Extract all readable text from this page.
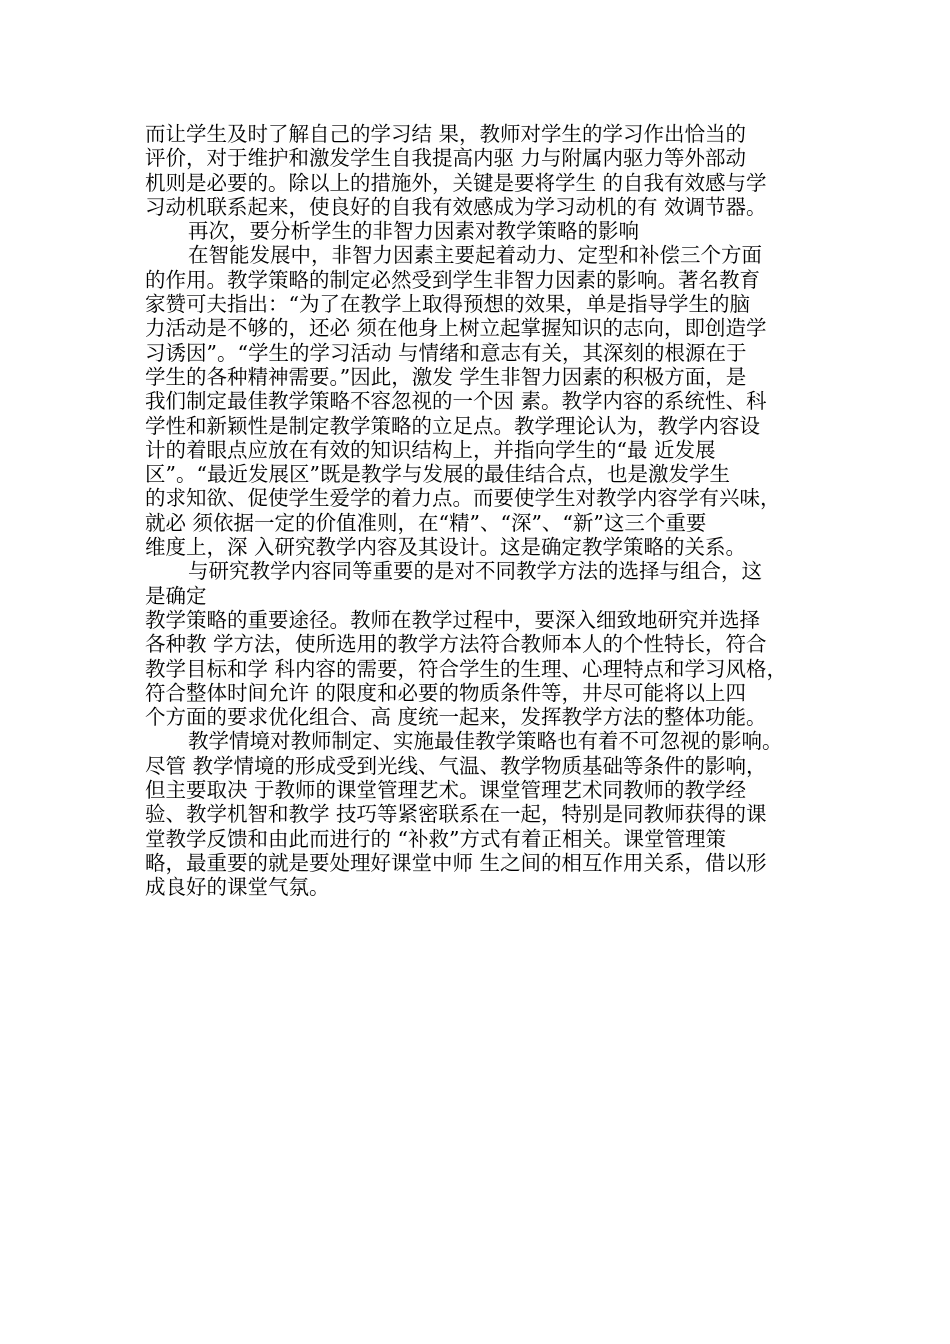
而让学生及时了解自己的学习结 果，教师对学生的学习作出恰当的
评价，对于维护和激发学生自我提高内驱 力与附属内驱力等外部动
机则是必要的。除以上的措施外，关键是要将学生 的自我有效感与学
习动机联系起来，使良好的自我有效感成为学习动机的有 效调节器。
再次，要分析学生的非智力因素对教学策略的影响
在智能发展中，非智力因素主要起着动力、定型和补偿三个方面
的作用。教学策略的制定必然受到学生非智力因素的影响。著名教育
家赞可夫指出：“为了在教学上取得预想的效果，单是指导学生的脑
力活动是不够的，还必 须在他身上树立起掌握知识的志向，即创造学
习诱因”。“学生的学习活动 与情绪和意志有关，其深刻的根源在于
学生的各种精神需要。”因此，激发 学生非智力因素的积极方面，是
我们制定最佳教学策略不容忽视的一个因 素。教学内容的系统性、科
学性和新颖性是制定教学策略的立足点。教学理论认为，教学内容设
计的着眼点应放在有效的知识结构上，并指向学生的“最 近发展
区”。“最近发展区”既是教学与发展的最佳结合点，也是激发学生
的求知欲、促使学生爱学的着力点。而要使学生对教学内容学有兴味，
就必 须依据一定的价值准则，在“精”、“深”、“新”这三个重要
维度上，深 入研究教学内容及其设计。这是确定教学策略的关系。
与研究教学内容同等重要的是对不同教学方法的选择与组合，这
是确定
教学策略的重要途径。教师在教学过程中，要深入细致地研究并选择
各种教 学方法，使所选用的教学方法符合教师本人的个性特长，符合
教学目标和学 科内容的需要，符合学生的生理、心理特点和学习风格，
符合整体时间允许 的限度和必要的物质条件等，井尽可能将以上四
个方面的要求优化组合、高 度统一起来，发挥教学方法的整体功能。
教学情境对教师制定、实施最佳教学策略也有着不可忽视的影响。
尽管 教学情境的形成受到光线、气温、教学物质基础等条件的影响，
但主要取决 于教师的课堂管理艺术。课堂管理艺术同教师的教学经
验、教学机智和教学 技巧等紧密联系在一起，特别是同教师获得的课
堂教学反馈和由此而进行的 “补救”方式有着正相关。课堂管理策
略，最重要的就是要处理好课堂中师 生之间的相互作用关系，借以形
成良好的课堂气氛。
